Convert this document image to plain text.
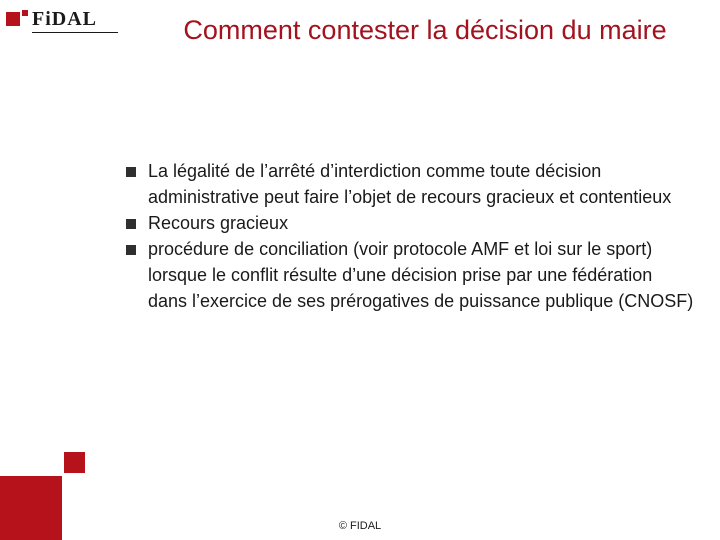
FiDAL	Comment contester la décision du maire
La légalité de l’arrêté d’interdiction comme toute décision administrative peut faire l’objet de recours gracieux et contentieux
Recours gracieux
procédure de conciliation (voir protocole AMF et loi sur le sport) lorsque le conflit résulte d’une décision prise par une fédération dans l’exercice de ses prérogatives de puissance publique (CNOSF)
© FIDAL
